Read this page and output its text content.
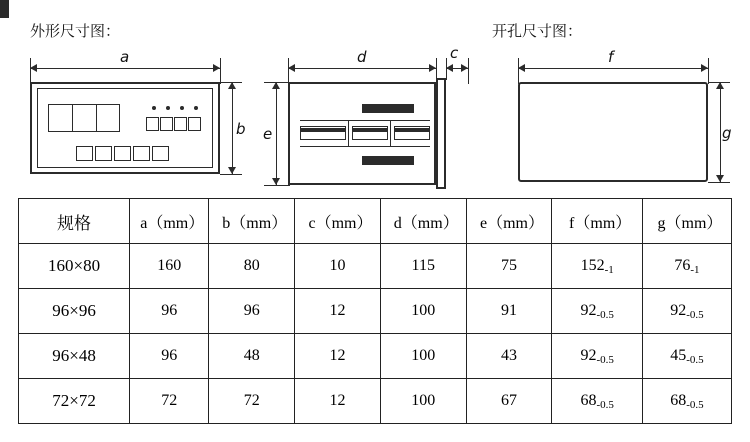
外形尺寸图：	开孔尺寸图：
a
b
d	c
e
f
g
规格	a（mm）	b（mm）	c（mm）	d（mm）	e（mm）	f（mm）	g（mm）
160×80	160	80	10	115	75	$152_{-1}$	$76_{-1}$
96×96	96	96	12	100	91	$92_{-0.5}$	$92_{-0.5}$
96×48	96	48	12	100	43	$92_{-0.5}$	$45_{-0.5}$
72×72	72	72	12	100	67	$68_{-0.5}$	$68_{-0.5}$
